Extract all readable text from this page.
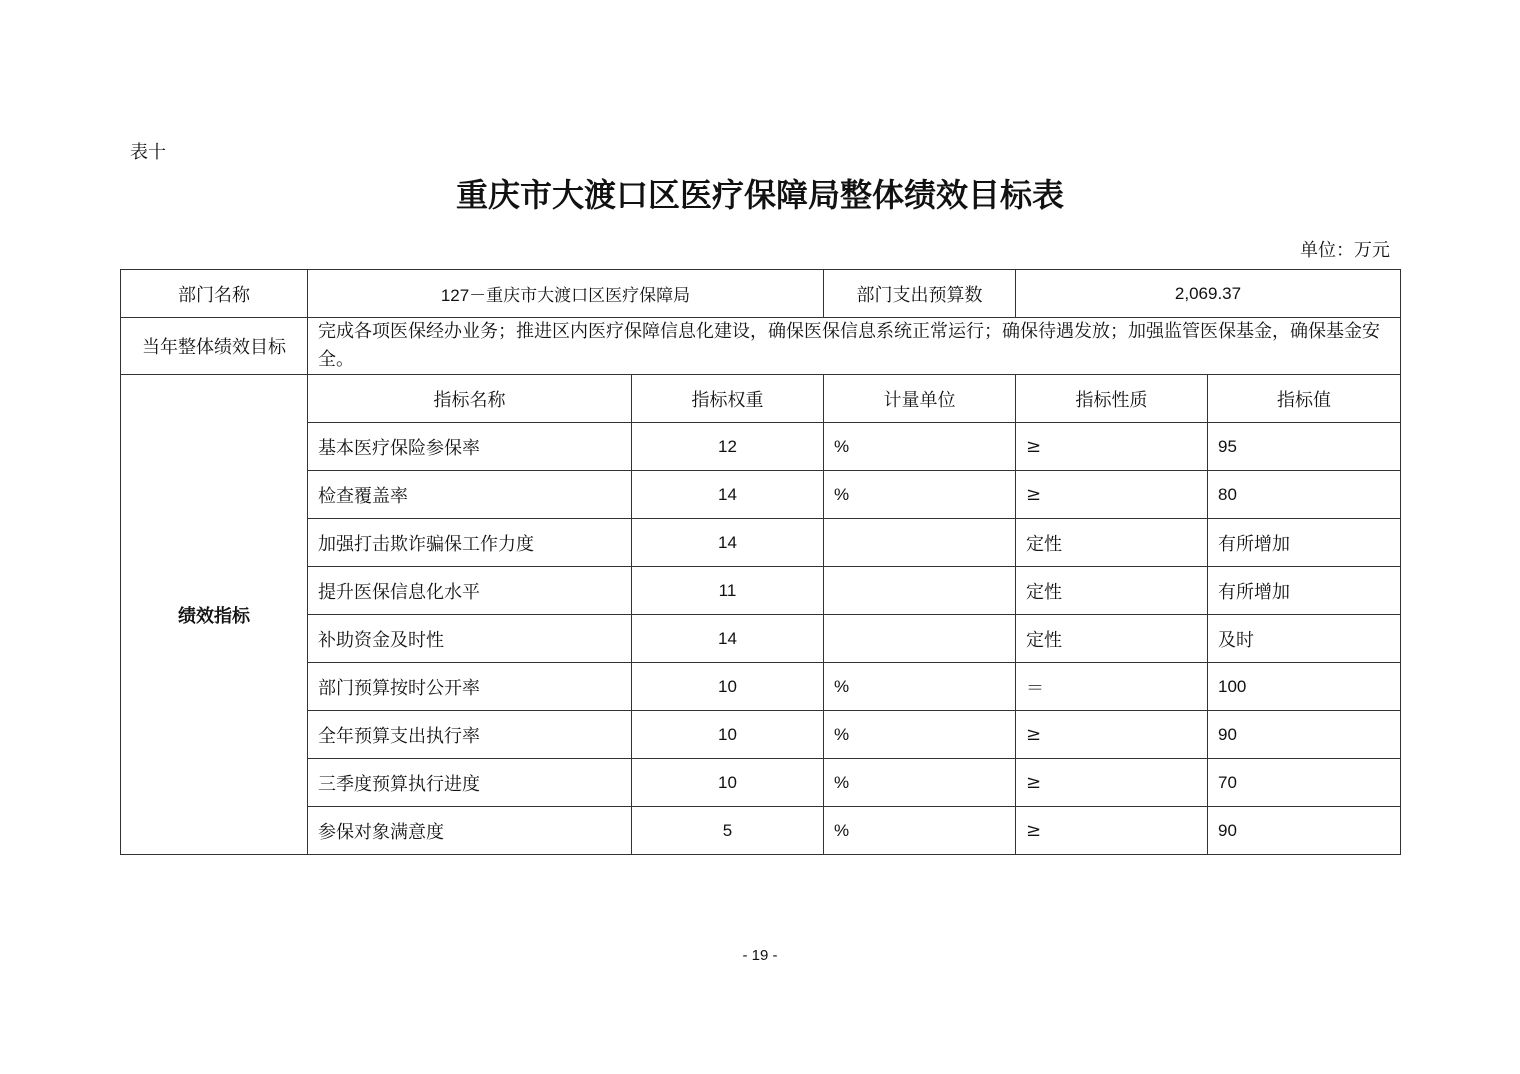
表十
重庆市大渡口区医疗保障局整体绩效目标表
单位：万元
部门名称	127－重庆市大渡口区医疗保障局		部门支出预算数	2,069.37	
当年整体绩效目标	完成各项医保经办业务；推进区内医疗保障信息化建设，确保医保信息系统正常运行；确保待遇发放；加强监管医保基金，确保基金安全。				
绩效指标	指标名称	指标权重	计量单位	指标性质	指标值
	基本医疗保险参保率	12	%	≥	95
	检查覆盖率	14	%	≥	80
	加强打击欺诈骗保工作力度	14		定性	有所增加
	提升医保信息化水平	11		定性	有所增加
	补助资金及时性	14		定性	及时
	部门预算按时公开率	10	%	＝	100
	全年预算支出执行率	10	%	≥	90
	三季度预算执行进度	10	%	≥	70
	参保对象满意度	5	%	≥	90
- 19 -
